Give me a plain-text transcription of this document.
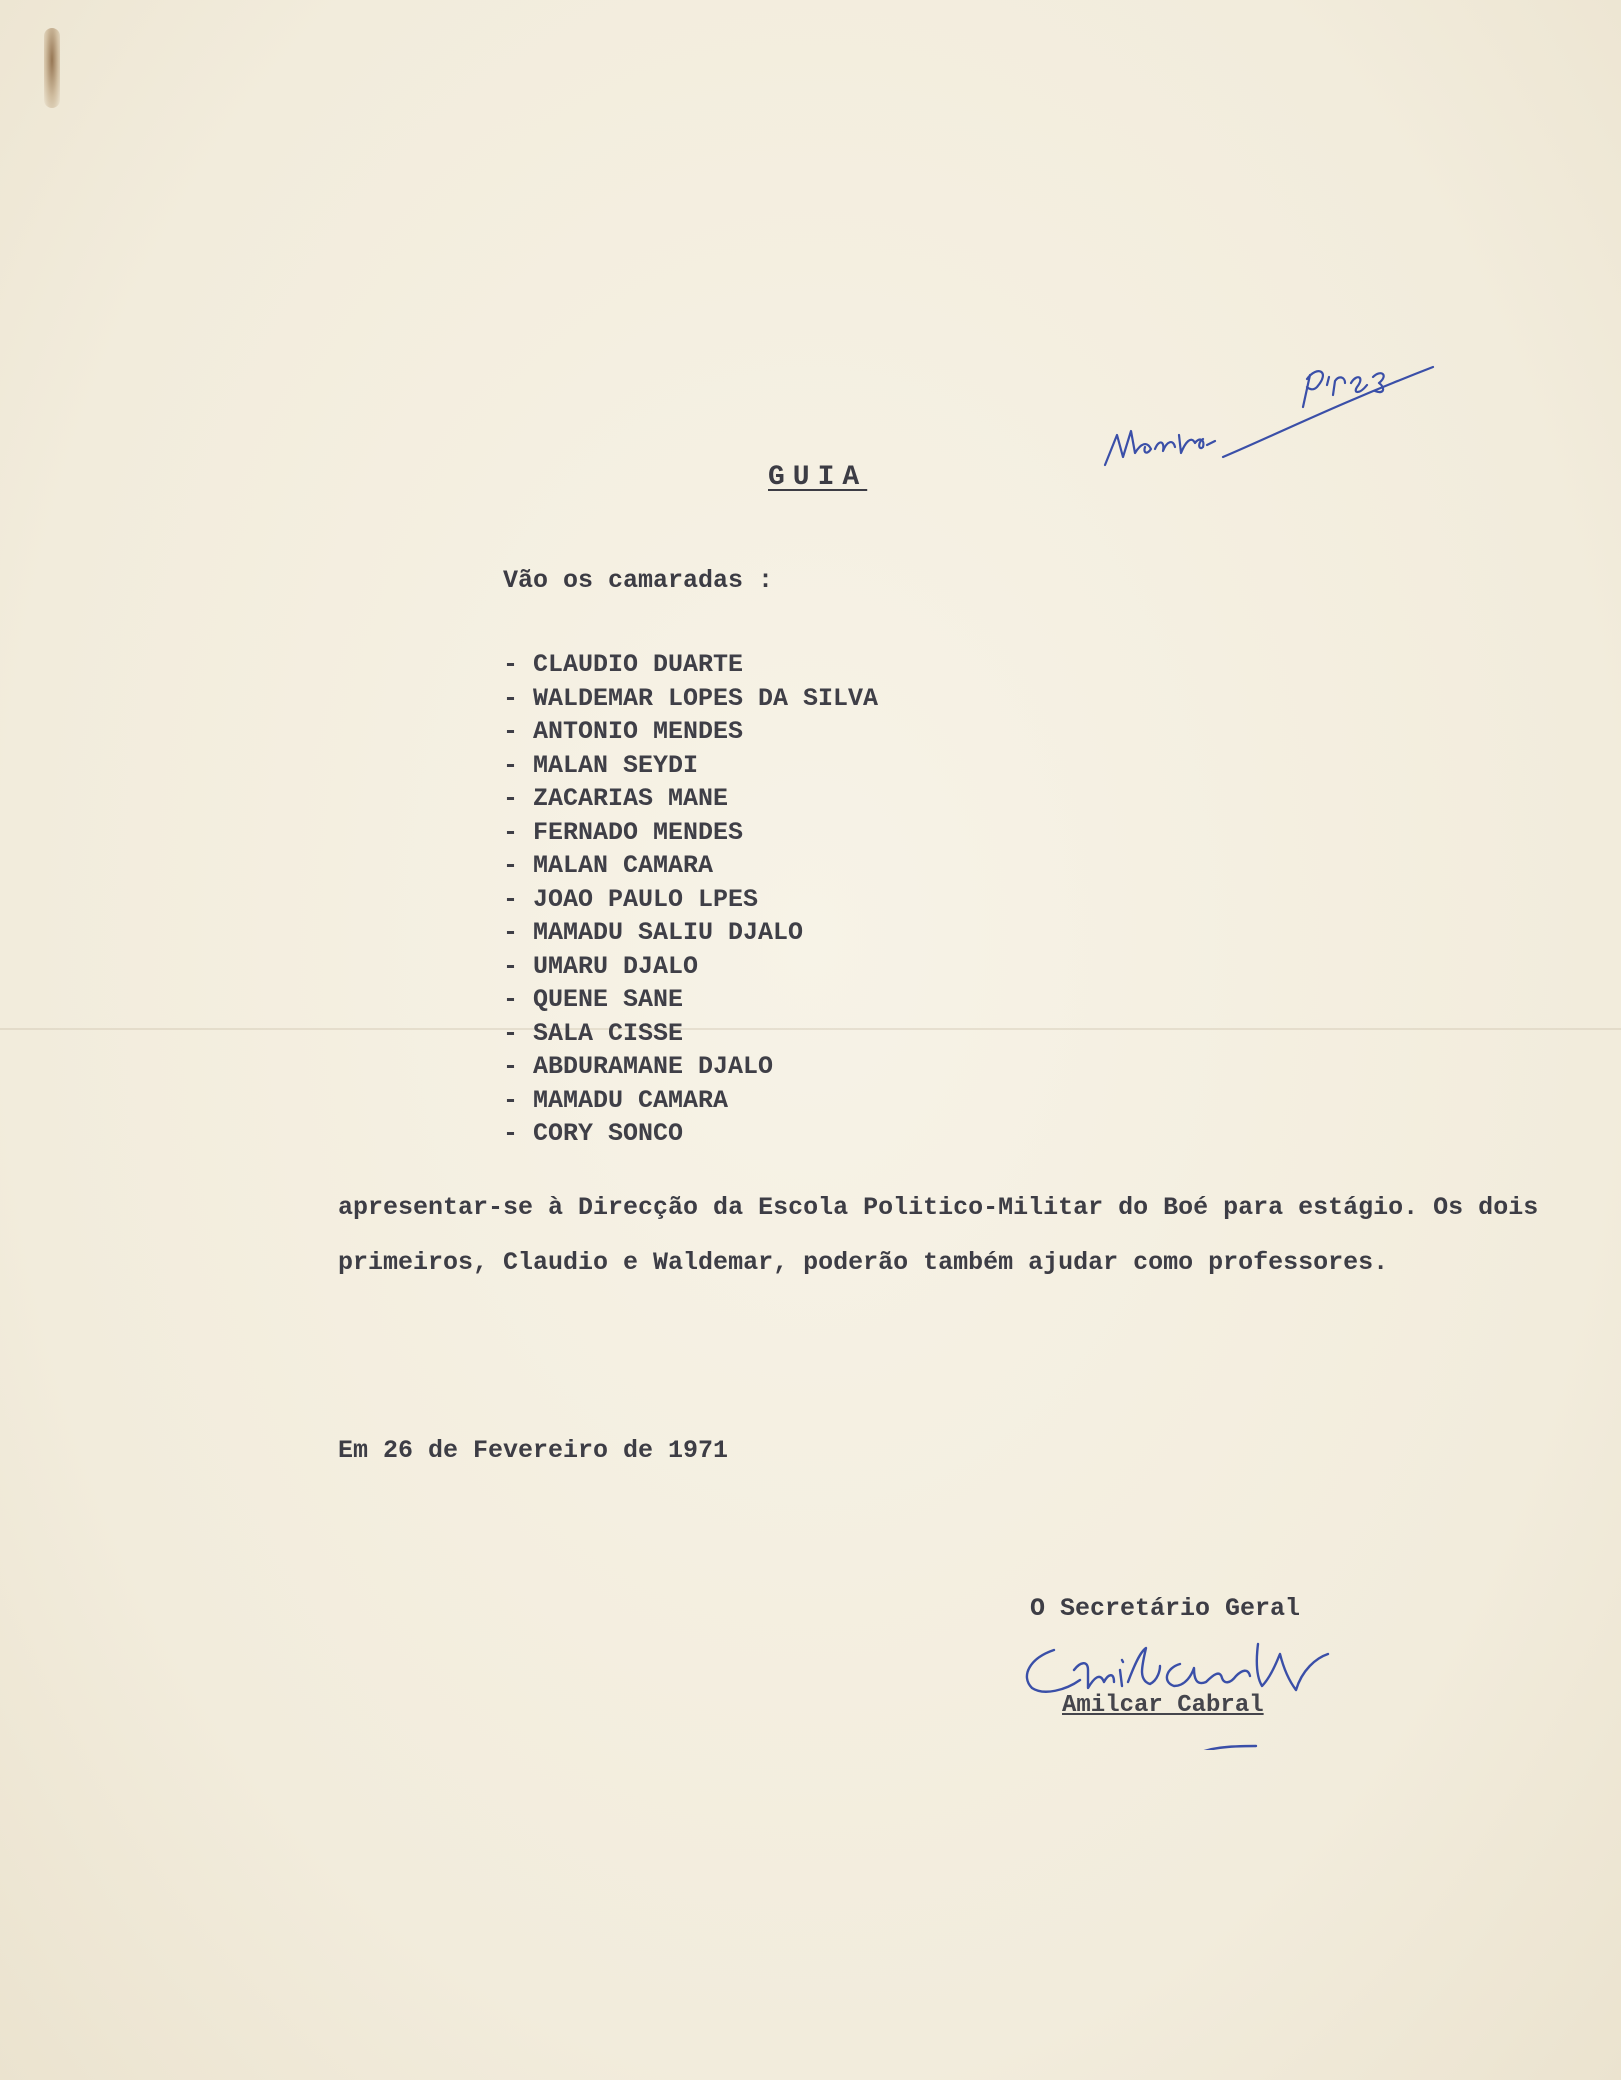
GUIA
Vão os camaradas :
- CLAUDIO DUARTE
- WALDEMAR LOPES DA SILVA
- ANTONIO MENDES
- MALAN SEYDI
- ZACARIAS MANE
- FERNADO MENDES
- MALAN CAMARA
- JOAO PAULO LPES
- MAMADU SALIU DJALO
- UMARU DJALO
- QUENE SANE
- SALA CISSE
- ABDURAMANE DJALO
- MAMADU CAMARA
- CORY SONCO

apresentar-se à Direcção da Escola Politico-Militar do Boé para estágio. Os dois
primeiros, Claudio e Waldemar, poderão também ajudar como professores.

Em 26 de Fevereiro de 1971
O Secretário Geral
Amilcar Cabral
